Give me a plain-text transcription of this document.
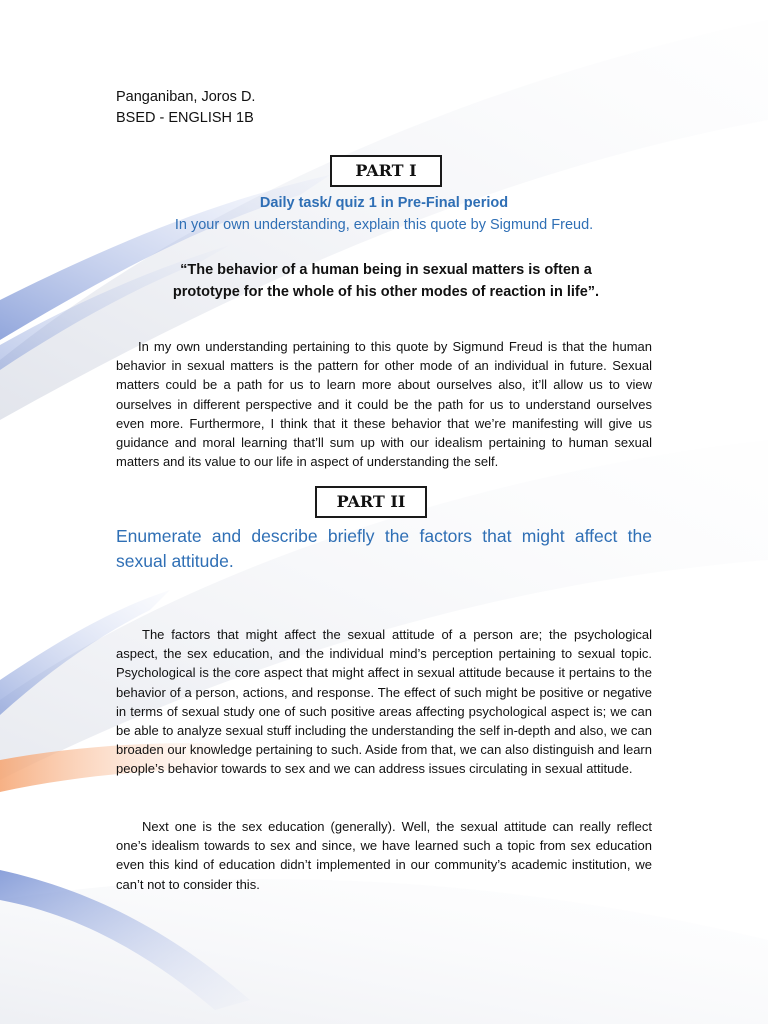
Panganiban, Joros D.
BSED - ENGLISH 1B
PART I
Daily task/ quiz 1 in Pre-Final period
In your own understanding, explain this quote by Sigmund Freud.
“The behavior of a human being in sexual matters is often a prototype for the whole of his other modes of reaction in life”.

In my own understanding pertaining to this quote by Sigmund Freud is that the human behavior in sexual matters is the pattern for other mode of an individual in future. Sexual matters could be a path for us to learn more about ourselves also, it’ll allow us to view ourselves in different perspective and it could be the path for us to understand ourselves even more. Furthermore, I think that it these behavior that we’re manifesting will give us guidance and moral learning that’ll sum up with our idealism pertaining to human sexual matters and its value to our life in aspect of understanding the self.

PART II
Enumerate and describe briefly the factors that might affect the sexual attitude.

The factors that might affect the sexual attitude of a person are; the psychological aspect, the sex education, and the individual mind’s perception pertaining to sexual topic. Psychological is the core aspect that might affect in sexual attitude because it pertains to the behavior of a person, actions, and response. The effect of such might be positive or negative in terms of sexual study one of such positive areas affecting psychological aspect is; we can be able to analyze sexual stuff including the understanding the self in-depth and also, we can broaden our knowledge pertaining to such. Aside from that, we can also distinguish and learn people’s behavior towards to sex and we can address issues circulating in sexual attitude.

Next one is the sex education (generally). Well, the sexual attitude can really reflect one’s idealism towards to sex and since, we have learned such a topic from sex education even this kind of education didn’t implemented in our community’s academic institution, we can’t not to consider this.
